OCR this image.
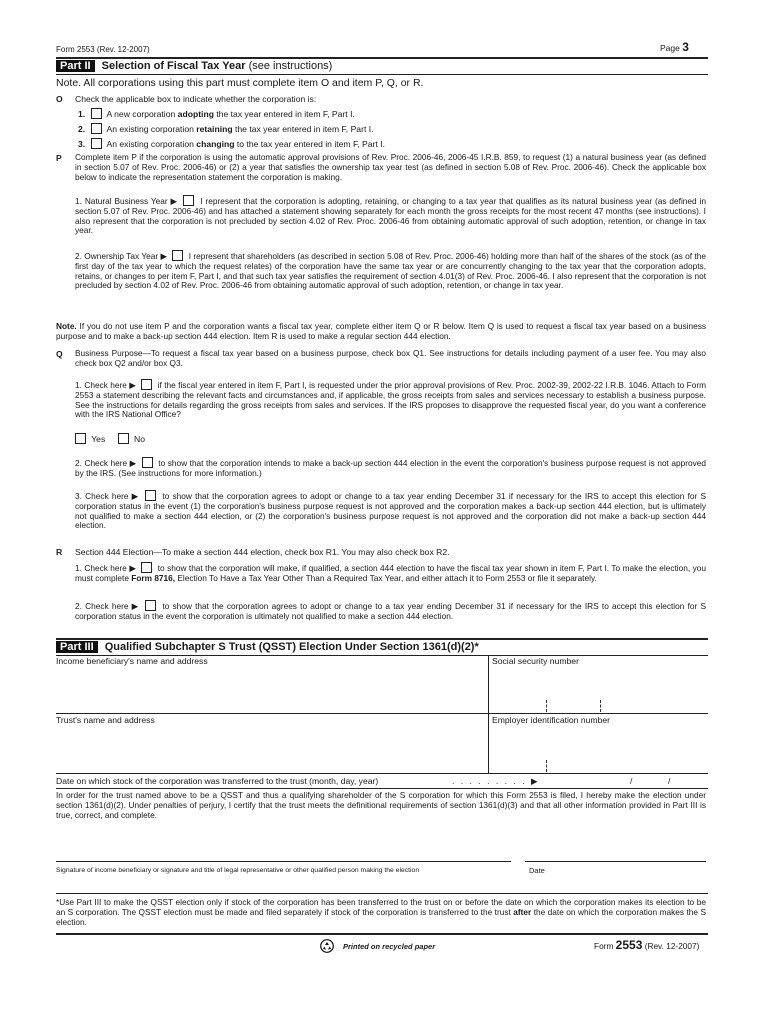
Form 2553 (Rev. 12-2007)	Page 3
Part II Selection of Fiscal Tax Year (see instructions)
Note. All corporations using this part must complete item O and item P, Q, or R.
O Check the applicable box to indicate whether the corporation is:
1. A new corporation adopting the tax year entered in item F, Part I.
2. An existing corporation retaining the tax year entered in item F, Part I.
3. An existing corporation changing to the tax year entered in item F, Part I.
P Complete item P if the corporation is using the automatic approval provisions of Rev. Proc. 2006-46, 2006-45 I.R.B. 859, to request (1) a natural business year (as defined in section 5.07 of Rev. Proc. 2006-46) or (2) a year that satisfies the ownership tax year test (as defined in section 5.08 of Rev. Proc. 2006-46). Check the applicable box below to indicate the representation statement the corporation is making.
1. Natural Business Year ▶	I represent that the corporation is adopting, retaining, or changing to a tax year that qualifies as its natural business year (as defined in section 5.07 of Rev. Proc. 2006-46) and has attached a statement showing separately for each month the gross receipts for the most recent 47 months (see instructions). I also represent that the corporation is not precluded by section 4.02 of Rev. Proc. 2006-46 from obtaining automatic approval of such adoption, retention, or change in tax year.
2. Ownership Tax Year ▶	I represent that shareholders (as described in section 5.08 of Rev. Proc. 2006-46) holding more than half of the shares of the stock (as of the first day of the tax year to which the request relates) of the corporation have the same tax year or are concurrently changing to the tax year that the corporation adopts, retains, or changes to per item F, Part I, and that such tax year satisfies the requirement of section 4.01(3) of Rev. Proc. 2006-46. I also represent that the corporation is not precluded by section 4.02 of Rev. Proc. 2006-46 from obtaining automatic approval of such adoption, retention, or change in tax year.
Note. If you do not use item P and the corporation wants a fiscal tax year, complete either item Q or R below. Item Q is used to request a fiscal tax year based on a business purpose and to make a back-up section 444 election. Item R is used to make a regular section 444 election.
Q Business Purpose—To request a fiscal tax year based on a business purpose, check box Q1. See instructions for details including payment of a user fee. You may also check box Q2 and/or box Q3.
1. Check here ▶	if the fiscal year entered in item F, Part I, is requested under the prior approval provisions of Rev. Proc. 2002-39, 2002-22 I.R.B. 1046. Attach to Form 2553 a statement describing the relevant facts and circumstances and, if applicable, the gross receipts from sales and services necessary to establish a business purpose. See the instructions for details regarding the gross receipts from sales and services. If the IRS proposes to disapprove the requested fiscal year, do you want a conference with the IRS National Office?
Yes	No
2. Check here ▶	to show that the corporation intends to make a back-up section 444 election in the event the corporation's business purpose request is not approved by the IRS. (See instructions for more information.)
3. Check here ▶	to show that the corporation agrees to adopt or change to a tax year ending December 31 if necessary for the IRS to accept this election for S corporation status in the event (1) the corporation's business purpose request is not approved and the corporation makes a back-up section 444 election, but is ultimately not qualified to make a section 444 election, or (2) the corporation's business purpose request is not approved and the corporation did not make a back-up section 444 election.
R Section 444 Election—To make a section 444 election, check box R1. You may also check box R2.
1. Check here ▶	to show that the corporation will make, if qualified, a section 444 election to have the fiscal tax year shown in item F, Part I. To make the election, you must complete Form 8716, Election To Have a Tax Year Other Than a Required Tax Year, and either attach it to Form 2553 or file it separately.
2. Check here ▶	to show that the corporation agrees to adopt or change to a tax year ending December 31 if necessary for the IRS to accept this election for S corporation status in the event the corporation is ultimately not qualified to make a section 444 election.
Part III Qualified Subchapter S Trust (QSST) Election Under Section 1361(d)(2)*
Income beneficiary's name and address	Social security number
Trust's name and address	Employer identification number
Date on which stock of the corporation was transferred to the trust (month, day, year)	. . . . . . . . . ▶	/	/
In order for the trust named above to be a QSST and thus a qualifying shareholder of the S corporation for which this Form 2553 is filed, I hereby make the election under section 1361(d)(2). Under penalties of perjury, I certify that the trust meets the definitional requirements of section 1361(d)(3) and that all other information provided in Part III is true, correct, and complete.
Signature of income beneficiary or signature and title of legal representative or other qualified person making the election	Date
*Use Part III to make the QSST election only if stock of the corporation has been transferred to the trust on or before the date on which the corporation makes its election to be an S corporation. The QSST election must be made and filed separately if stock of the corporation is transferred to the trust after the date on which the corporation makes the S election.
Printed on recycled paper	Form 2553 (Rev. 12-2007)
